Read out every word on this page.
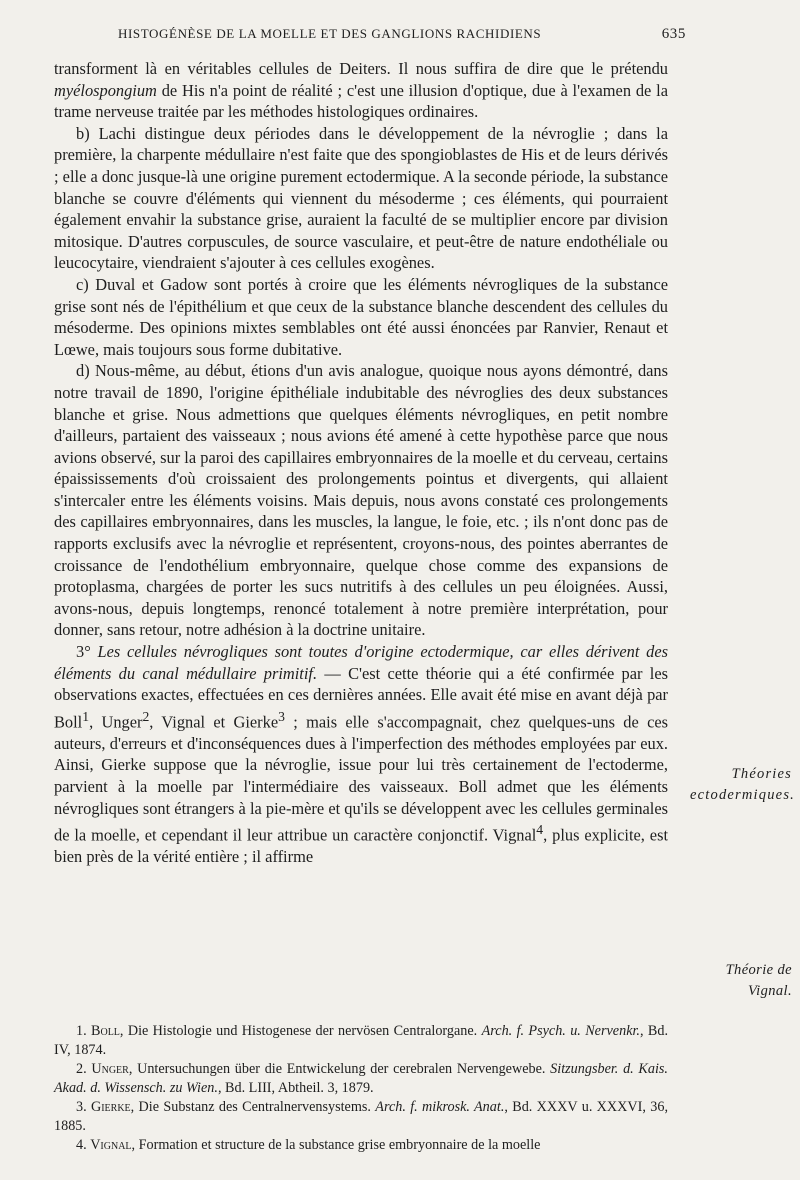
HISTOGÉNÈSE DE LA MOELLE ET DES GANGLIONS RACHIDIENS	635

transforment là en véritables cellules de Deiters. Il nous suffira de dire que le prétendu myélospongium de His n'a point de réalité ; c'est une illusion d'optique, due à l'examen de la trame nerveuse traitée par les méthodes histologiques ordinaires.

b) Lachi distingue deux périodes dans le développement de la névroglie ; dans la première, la charpente médullaire n'est faite que des spongioblastes de His et de leurs dérivés ; elle a donc jusque-là une origine purement ectodermique. A la seconde période, la substance blanche se couvre d'éléments qui viennent du mésoderme ; ces éléments, qui pourraient également envahir la substance grise, auraient la faculté de se multiplier encore par division mitosique. D'autres corpuscules, de source vasculaire, et peut-être de nature endothéliale ou leucocytaire, viendraient s'ajouter à ces cellules exogènes.

c) Duval et Gadow sont portés à croire que les éléments névrogliques de la substance grise sont nés de l'épithélium et que ceux de la substance blanche descendent des cellules du mésoderme. Des opinions mixtes semblables ont été aussi énoncées par Ranvier, Renaut et Lœwe, mais toujours sous forme dubitative.

d) Nous-même, au début, étions d'un avis analogue, quoique nous ayons démontré, dans notre travail de 1890, l'origine épithéliale indubitable des névroglies des deux substances blanche et grise. Nous admettions que quelques éléments névrogliques, en petit nombre d'ailleurs, partaient des vaisseaux ; nous avions été amené à cette hypothèse parce que nous avions observé, sur la paroi des capillaires embryonnaires de la moelle et du cerveau, certains épaississements d'où croissaient des prolongements pointus et divergents, qui allaient s'intercaler entre les éléments voisins. Mais depuis, nous avons constaté ces prolongements des capillaires embryonnaires, dans les muscles, la langue, le foie, etc. ; ils n'ont donc pas de rapports exclusifs avec la névroglie et représentent, croyons-nous, des pointes aberrantes de croissance de l'endothélium embryonnaire, quelque chose comme des expansions de protoplasma, chargées de porter les sucs nutritifs à des cellules un peu éloignées. Aussi, avons-nous, depuis longtemps, renoncé totalement à notre première interprétation, pour donner, sans retour, notre adhésion à la doctrine unitaire.

3° Les cellules névrogliques sont toutes d'origine ectodermique, car elles dérivent des éléments du canal médullaire primitif. — C'est cette théorie qui a été confirmée par les observations exactes, effectuées en ces dernières années. Elle avait été mise en avant déjà par Boll$^1$, Unger$^2$, Vignal et Gierke$^3$ ; mais elle s'accompagnait, chez quelques-uns de ces auteurs, d'erreurs et d'inconséquences dues à l'imperfection des méthodes employées par eux. Ainsi, Gierke suppose que la névroglie, issue pour lui très certainement de l'ectoderme, parvient à la moelle par l'intermédiaire des vaisseaux. Boll admet que les éléments névrogliques sont étrangers à la pie-mère et qu'ils se développent avec les cellules germinales de la moelle, et cependant il leur attribue un caractère conjonctif. Vignal$^4$, plus explicite, est bien près de la vérité entière ; il affirme

Théories ectodermiques.
Théorie de Vignal.

1. Boll, Die Histologie und Histogenese der nervösen Centralorgane. Arch. f. Psych. u. Nervenkr., Bd. IV, 1874.

2. Unger, Untersuchungen über die Entwickelung der cerebralen Nervengewebe. Sitzungsber. d. Kais. Akad. d. Wissensch. zu Wien., Bd. LIII, Abtheil. 3, 1879.

3. Gierke, Die Substanz des Centralnervensystems. Arch. f. mikrosk. Anat., Bd. XXXV u. XXXVI, 36, 1885.

4. Vignal, Formation et structure de la substance grise embryonnaire de la moelle
